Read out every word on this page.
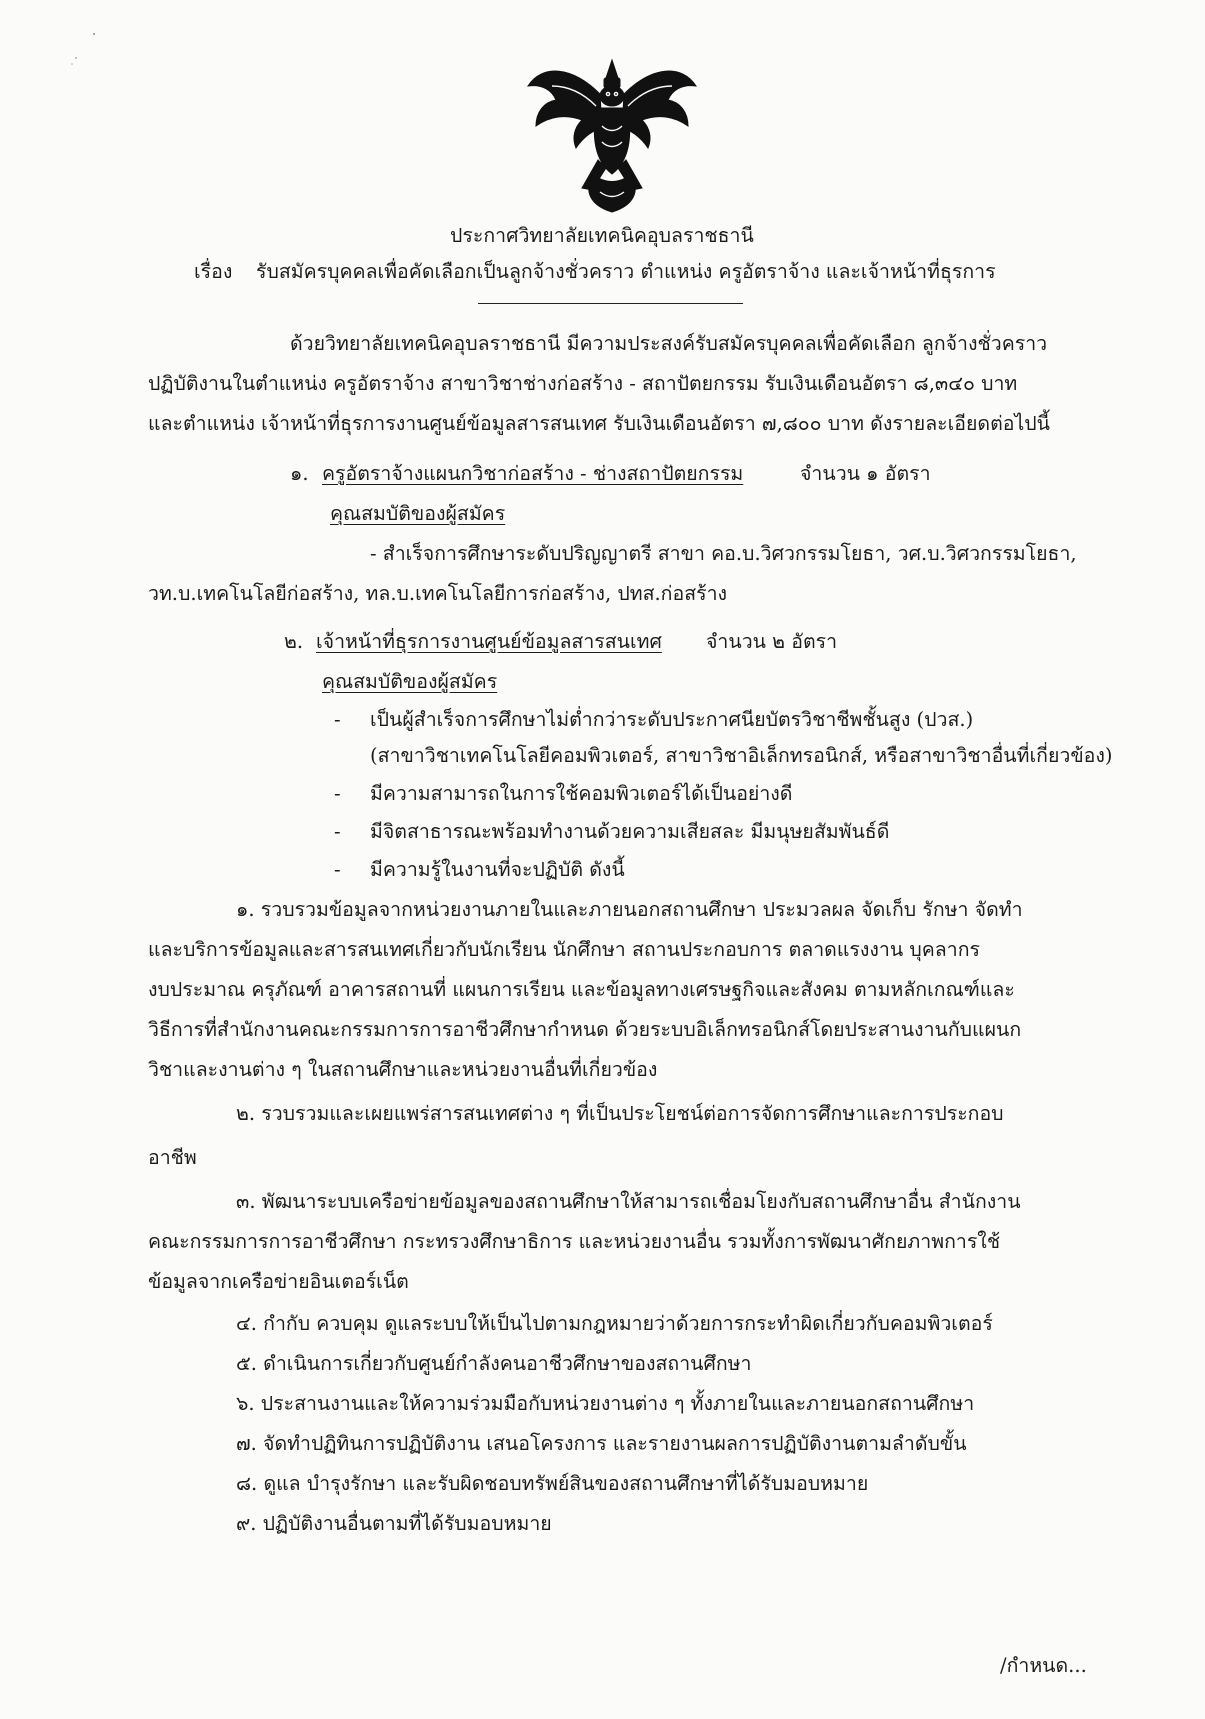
ประกาศวิทยาลัยเทคนิคอุบลราชธานี
เรื่อง รับสมัครบุคคลเพื่อคัดเลือกเป็นลูกจ้างชั่วคราว ตำแหน่ง ครูอัตราจ้าง และเจ้าหน้าที่ธุรการ
ด้วยวิทยาลัยเทคนิคอุบลราชธานี มีความประสงค์รับสมัครบุคคลเพื่อคัดเลือก ลูกจ้างชั่วคราว
ปฏิบัติงานในตำแหน่ง ครูอัตราจ้าง สาขาวิชาช่างก่อสร้าง - สถาปัตยกรรม รับเงินเดือนอัตรา ๘,๓๔๐ บาท
และตำแหน่ง เจ้าหน้าที่ธุรการงานศูนย์ข้อมูลสารสนเทศ รับเงินเดือนอัตรา ๗,๘๐๐ บาท ดังรายละเอียดต่อไปนี้
๑. ครูอัตราจ้างแผนกวิชาก่อสร้าง - ช่างสถาปัตยกรรม	จำนวน ๑ อัตรา
คุณสมบัติของผู้สมัคร
- สำเร็จการศึกษาระดับปริญญาตรี สาขา คอ.บ.วิศวกรรมโยธา, วศ.บ.วิศวกรรมโยธา,
วท.บ.เทคโนโลยีก่อสร้าง, ทล.บ.เทคโนโลยีการก่อสร้าง, ปทส.ก่อสร้าง
๒. เจ้าหน้าที่ธุรการงานศูนย์ข้อมูลสารสนเทศ จำนวน ๒ อัตรา
คุณสมบัติของผู้สมัคร
- เป็นผู้สำเร็จการศึกษาไม่ต่ำกว่าระดับประกาศนียบัตรวิชาชีพชั้นสูง (ปวส.)
(สาขาวิชาเทคโนโลยีคอมพิวเตอร์, สาขาวิชาอิเล็กทรอนิกส์, หรือสาขาวิชาอื่นที่เกี่ยวข้อง)
- มีความสามารถในการใช้คอมพิวเตอร์ได้เป็นอย่างดี
- มีจิตสาธารณะพร้อมทำงานด้วยความเสียสละ มีมนุษยสัมพันธ์ดี
- มีความรู้ในงานที่จะปฏิบัติ ดังนี้
๑. รวบรวมข้อมูลจากหน่วยงานภายในและภายนอกสถานศึกษา ประมวลผล จัดเก็บ รักษา จัดทำ
และบริการข้อมูลและสารสนเทศเกี่ยวกับนักเรียน นักศึกษา สถานประกอบการ ตลาดแรงงาน บุคลากร
งบประมาณ ครุภัณฑ์ อาคารสถานที่ แผนการเรียน และข้อมูลทางเศรษฐกิจและสังคม ตามหลักเกณฑ์และ
วิธีการที่สำนักงานคณะกรรมการการอาชีวศึกษากำหนด ด้วยระบบอิเล็กทรอนิกส์โดยประสานงานกับแผนก
วิชาและงานต่าง ๆ ในสถานศึกษาและหน่วยงานอื่นที่เกี่ยวข้อง
๒. รวบรวมและเผยแพร่สารสนเทศต่าง ๆ ที่เป็นประโยชน์ต่อการจัดการศึกษาและการประกอบ
อาชีพ
๓. พัฒนาระบบเครือข่ายข้อมูลของสถานศึกษาให้สามารถเชื่อมโยงกับสถานศึกษาอื่น สำนักงาน
คณะกรรมการการอาชีวศึกษา กระทรวงศึกษาธิการ และหน่วยงานอื่น รวมทั้งการพัฒนาศักยภาพการใช้
ข้อมูลจากเครือข่ายอินเตอร์เน็ต
๔. กำกับ ควบคุม ดูแลระบบให้เป็นไปตามกฎหมายว่าด้วยการกระทำผิดเกี่ยวกับคอมพิวเตอร์
๕. ดำเนินการเกี่ยวกับศูนย์กำลังคนอาชีวศึกษาของสถานศึกษา
๖. ประสานงานและให้ความร่วมมือกับหน่วยงานต่าง ๆ ทั้งภายในและภายนอกสถานศึกษา
๗. จัดทำปฏิทินการปฏิบัติงาน เสนอโครงการ และรายงานผลการปฏิบัติงานตามลำดับขั้น
๘. ดูแล บำรุงรักษา และรับผิดชอบทรัพย์สินของสถานศึกษาที่ได้รับมอบหมาย
๙. ปฏิบัติงานอื่นตามที่ได้รับมอบหมาย
/กำหนด...
